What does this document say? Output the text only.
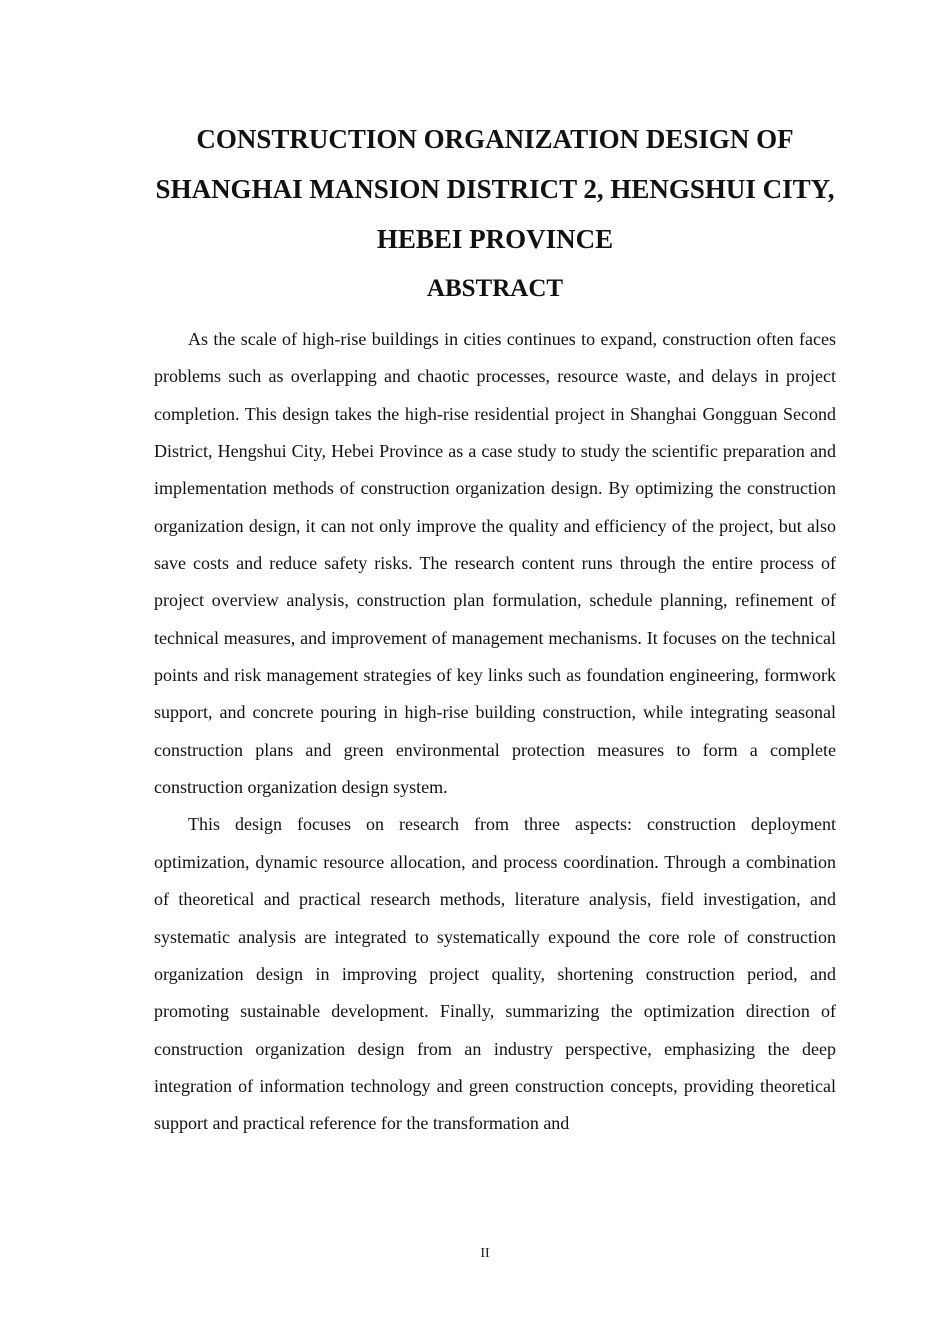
CONSTRUCTION ORGANIZATION DESIGN OF SHANGHAI MANSION DISTRICT 2, HENGSHUI CITY, HEBEI PROVINCE
ABSTRACT

As the scale of high-rise buildings in cities continues to expand, construction often faces problems such as overlapping and chaotic processes, resource waste, and delays in project completion. This design takes the high-rise residential project in Shanghai Gongguan Second District, Hengshui City, Hebei Province as a case study to study the scientific preparation and implementation methods of construction organization design. By optimizing the construction organization design, it can not only improve the quality and efficiency of the project, but also save costs and reduce safety risks. The research content runs through the entire process of project overview analysis, construction plan formulation, schedule planning, refinement of technical measures, and improvement of management mechanisms. It focuses on the technical points and risk management strategies of key links such as foundation engineering, formwork support, and concrete pouring in high-rise building construction, while integrating seasonal construction plans and green environmental protection measures to form a complete construction organization design system.

This design focuses on research from three aspects: construction deployment optimization, dynamic resource allocation, and process coordination. Through a combination of theoretical and practical research methods, literature analysis, field investigation, and systematic analysis are integrated to systematically expound the core role of construction organization design in improving project quality, shortening construction period, and promoting sustainable development. Finally, summarizing the optimization direction of construction organization design from an industry perspective, emphasizing the deep integration of information technology and green construction concepts, providing theoretical support and practical reference for the transformation and

II
